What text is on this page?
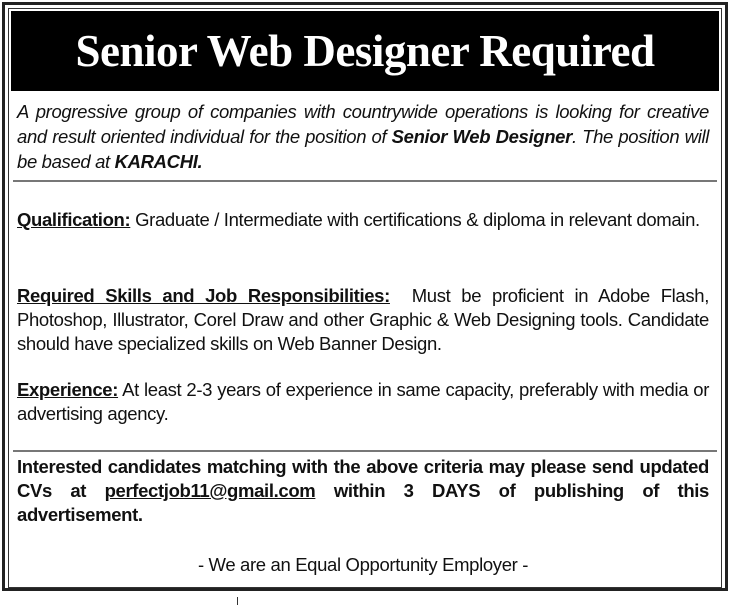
Senior Web Designer Required
A progressive group of companies with countrywide operations is looking for creative and result oriented individual for the position of Senior Web Designer. The position will be based at KARACHI.
Qualification: Graduate / Intermediate with certifications & diploma in relevant domain.
Required Skills and Job Responsibilities:  Must be proficient in Adobe Flash, Photoshop, Illustrator, Corel Draw and other Graphic & Web Designing tools. Candidate should have specialized skills on Web Banner Design.
Experience: At least 2-3 years of experience in same capacity, preferably with media or advertising agency.
Interested candidates matching with the above criteria may please send updated CVs at perfectjob11@gmail.com within 3 DAYS of publishing of this advertisement.
- We are an Equal Opportunity Employer -
